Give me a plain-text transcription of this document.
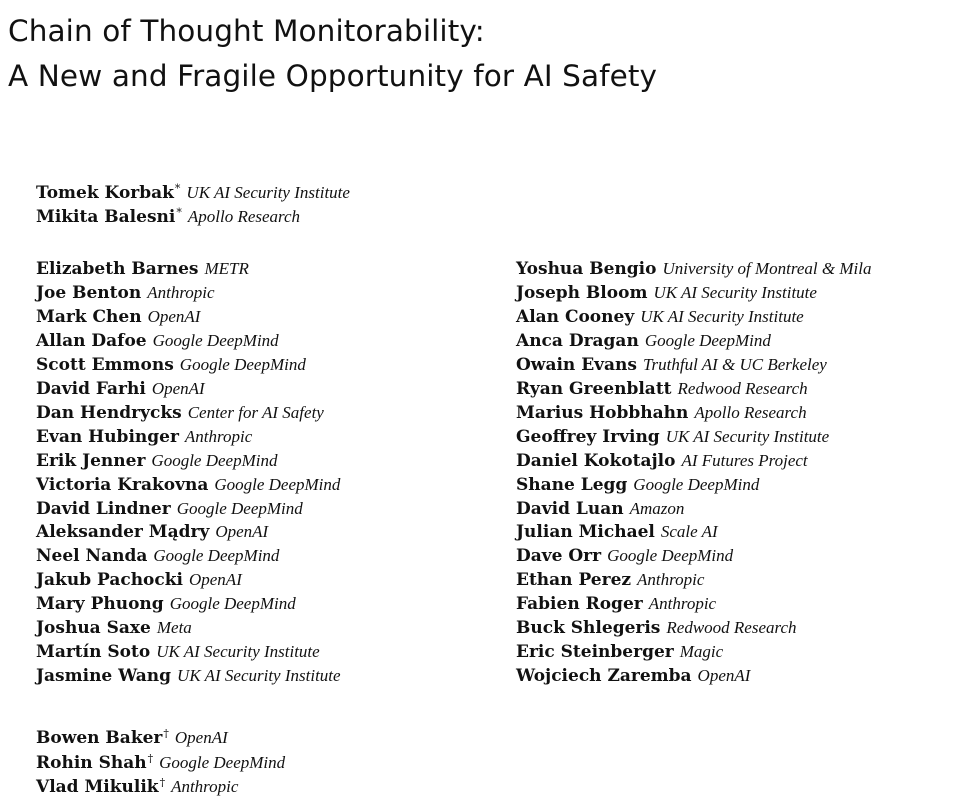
Chain of Thought Monitorability:
A New and Fragile Opportunity for AI Safety
Tomek Korbak* UK AI Security Institute
Mikita Balesni* Apollo Research
Elizabeth Barnes METR
Joe Benton Anthropic
Mark Chen OpenAI
Allan Dafoe Google DeepMind
Scott Emmons Google DeepMind
David Farhi OpenAI
Dan Hendrycks Center for AI Safety
Evan Hubinger Anthropic
Erik Jenner Google DeepMind
Victoria Krakovna Google DeepMind
David Lindner Google DeepMind
Aleksander Mądry OpenAI
Neel Nanda Google DeepMind
Jakub Pachocki OpenAI
Mary Phuong Google DeepMind
Joshua Saxe Meta
Martín Soto UK AI Security Institute
Jasmine Wang UK AI Security Institute
Yoshua Bengio University of Montreal & Mila
Joseph Bloom UK AI Security Institute
Alan Cooney UK AI Security Institute
Anca Dragan Google DeepMind
Owain Evans Truthful AI & UC Berkeley
Ryan Greenblatt Redwood Research
Marius Hobbhahn Apollo Research
Geoffrey Irving UK AI Security Institute
Daniel Kokotajlo AI Futures Project
Shane Legg Google DeepMind
David Luan Amazon
Julian Michael Scale AI
Dave Orr Google DeepMind
Ethan Perez Anthropic
Fabien Roger Anthropic
Buck Shlegeris Redwood Research
Eric Steinberger Magic
Wojciech Zaremba OpenAI
Bowen Baker† OpenAI
Rohin Shah† Google DeepMind
Vlad Mikulik† Anthropic
